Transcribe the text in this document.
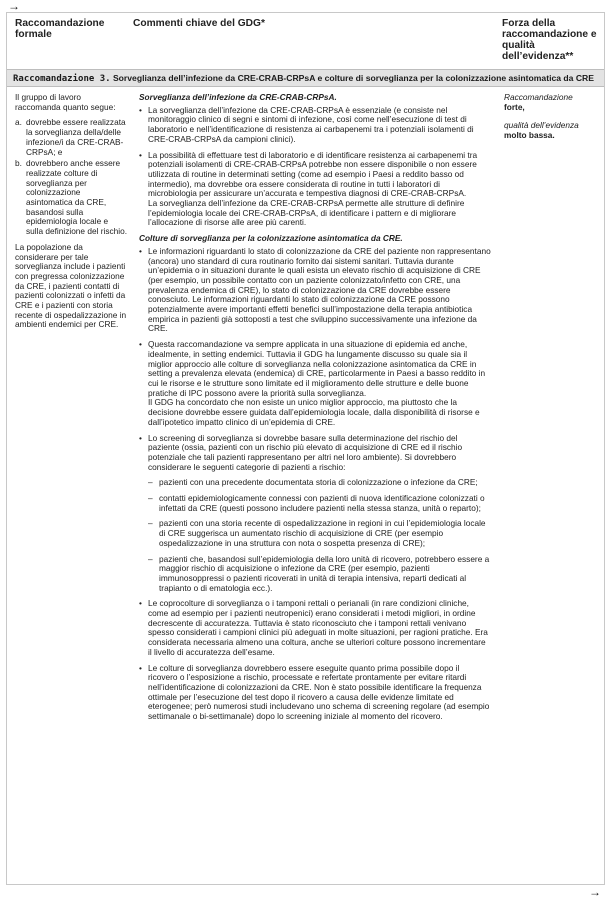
→
Raccomandazione formale
Commenti chiave del GDG*	Forza della raccomandazione e qualità dell’evidenza**
Raccomandazione 3. Sorveglianza dell’infezione da CRE-CRAB-CRPsA e colture di sorveglianza per la colonizzazione asintomatica da CRE

Il gruppo di lavoro raccomanda quanto segue:

a. dovrebbe essere realizzata la sorveglianza della/delle infezione/i da CRE-CRAB-CRPsA; e
b. dovrebbero anche essere realizzate colture di sorveglianza per colonizzazione asintomatica da CRE, basandosi sulla epidemiologia locale e sulla definizione del rischio.

La popolazione da considerare per tale sorveglianza include i pazienti con pregressa colonizzazione da CRE, i pazienti contatti di pazienti colonizzati o infetti da CRE e i pazienti con storia recente di ospedalizzazione in ambienti endemici per CRE.

Sorveglianza dell’infezione da CRE-CRAB-CRPsA.
• La sorveglianza dell’infezione da CRE-CRAB-CRPsA è essenziale (e consiste nel monitoraggio clinico di segni e sintomi di infezione, così come nell’esecuzione di test di laboratorio e nell’identificazione di resistenza ai carbapenemi tra i potenziali isolamenti di CRE-CRAB-CRPsA da campioni clinici).
• La possibilità di effettuare test di laboratorio e di identificare resistenza ai carbapenemi tra potenziali isolamenti di CRE-CRAB-CRPsA potrebbe non essere disponibile o non essere utilizzata di routine in determinati setting (come ad esempio i Paesi a reddito basso od intermedio), ma dovrebbe ora essere considerata di routine in tutti i laboratori di microbiologia per assicurare un’accurata e tempestiva diagnosi di CRE-CRAB-CRPsA.
La sorveglianza dell’infezione da CRE-CRAB-CRPsA permette alle strutture di definire l’epidemiologia locale dei CRE-CRAB-CRPsA, di identificare i pattern e di migliorare l’allocazione di risorse alle aree più carenti.
Colture di sorveglianza per la colonizzazione asintomatica da CRE.
• Le informazioni riguardanti lo stato di colonizzazione da CRE del paziente non rappresentano (ancora) uno standard di cura routinario fornito dai sistemi sanitari. Tuttavia durante un’epidemia o in situazioni durante le quali esista un elevato rischio di acquisizione di CRE (per esempio, un possibile contatto con un paziente colonizzato/infetto con CRE, una prevalenza endemica di CRE), lo stato di colonizzazione da CRE dovrebbe essere conosciuto. Le informazioni riguardanti lo stato di colonizzazione da CRE possono potenzialmente avere importanti effetti benefici sull’impostazione della terapia antibiotica empirica in pazienti già sottoposti a test che sviluppino successivamente una infezione da CRE.
• Questa raccomandazione va sempre applicata in una situazione di epidemia ed anche, idealmente, in setting endemici. Tuttavia il GDG ha lungamente discusso su quale sia il miglior approccio alle colture di sorveglianza nella colonizzazione asintomatica da CRE in setting a prevalenza elevata (endemica) di CRE, particolarmente in Paesi a basso reddito in cui le risorse e le strutture sono limitate ed il miglioramento delle strutture e delle buone pratiche di IPC possono avere la priorità sulla sorveglianza.
Il GDG ha concordato che non esiste un unico miglior approccio, ma piuttosto che la decisione dovrebbe essere guidata dall’epidemiologia locale, dalla disponibilità di risorse e dall’ipotetico impatto clinico di un’epidemia di CRE.
• Lo screening di sorveglianza si dovrebbe basare sulla determinazione del rischio del paziente (ossia, pazienti con un rischio più elevato di acquisizione di CRE ed il rischio potenziale che tali pazienti rappresentano per altri nel loro ambiente). Si dovrebbero considerare le seguenti categorie di pazienti a rischio:
– pazienti con una precedente documentata storia di colonizzazione o infezione da CRE;
– contatti epidemiologicamente connessi con pazienti di nuova identificazione colonizzati o infettati da CRE (questi possono includere pazienti nella stessa stanza, unità o reparto);
– pazienti con una storia recente di ospedalizzazione in regioni in cui l’epidemiologia locale di CRE suggerisca un aumentato rischio di acquisizione di CRE (per esempio ospedalizzazione in una struttura con nota o sospetta presenza di CRE);
– pazienti che, basandosi sull’epidemiologia della loro unità di ricovero, potrebbero essere a maggior rischio di acquisizione o infezione da CRE (per esempio, pazienti immunosoppressi o pazienti ricoverati in unità di terapia intensiva, reparti dedicati al trapianto o di ematologia ecc.).
• Le coprocolture di sorveglianza o i tamponi rettali o perianali (in rare condizioni cliniche, come ad esempio per i pazienti neutropenici) erano considerati i metodi migliori, in ordine decrescente di accuratezza. Tuttavia è stato riconosciuto che i tamponi rettali venivano spesso considerati i campioni clinici più adeguati in molte situazioni, per ragioni pratiche. Era considerata necessaria almeno una coltura, anche se ulteriori colture possono incrementare il livello di accuratezza dell’esame.
• Le colture di sorveglianza dovrebbero essere eseguite quanto prima possibile dopo il ricovero o l’esposizione a rischio, processate e refertate prontamente per evitare ritardi nell’identificazione di colonizzazioni da CRE. Non è stato possibile identificare la frequenza ottimale per l’esecuzione del test dopo il ricovero a causa delle evidenze limitate ed eterogenee; però numerosi studi includevano uno schema di screening regolare (ad esempio settimanale o bi-settimanale) dopo lo screening iniziale al momento del ricovero.
Raccomandazione
forte,
qualità dell’evidenza
molto bassa.
→
